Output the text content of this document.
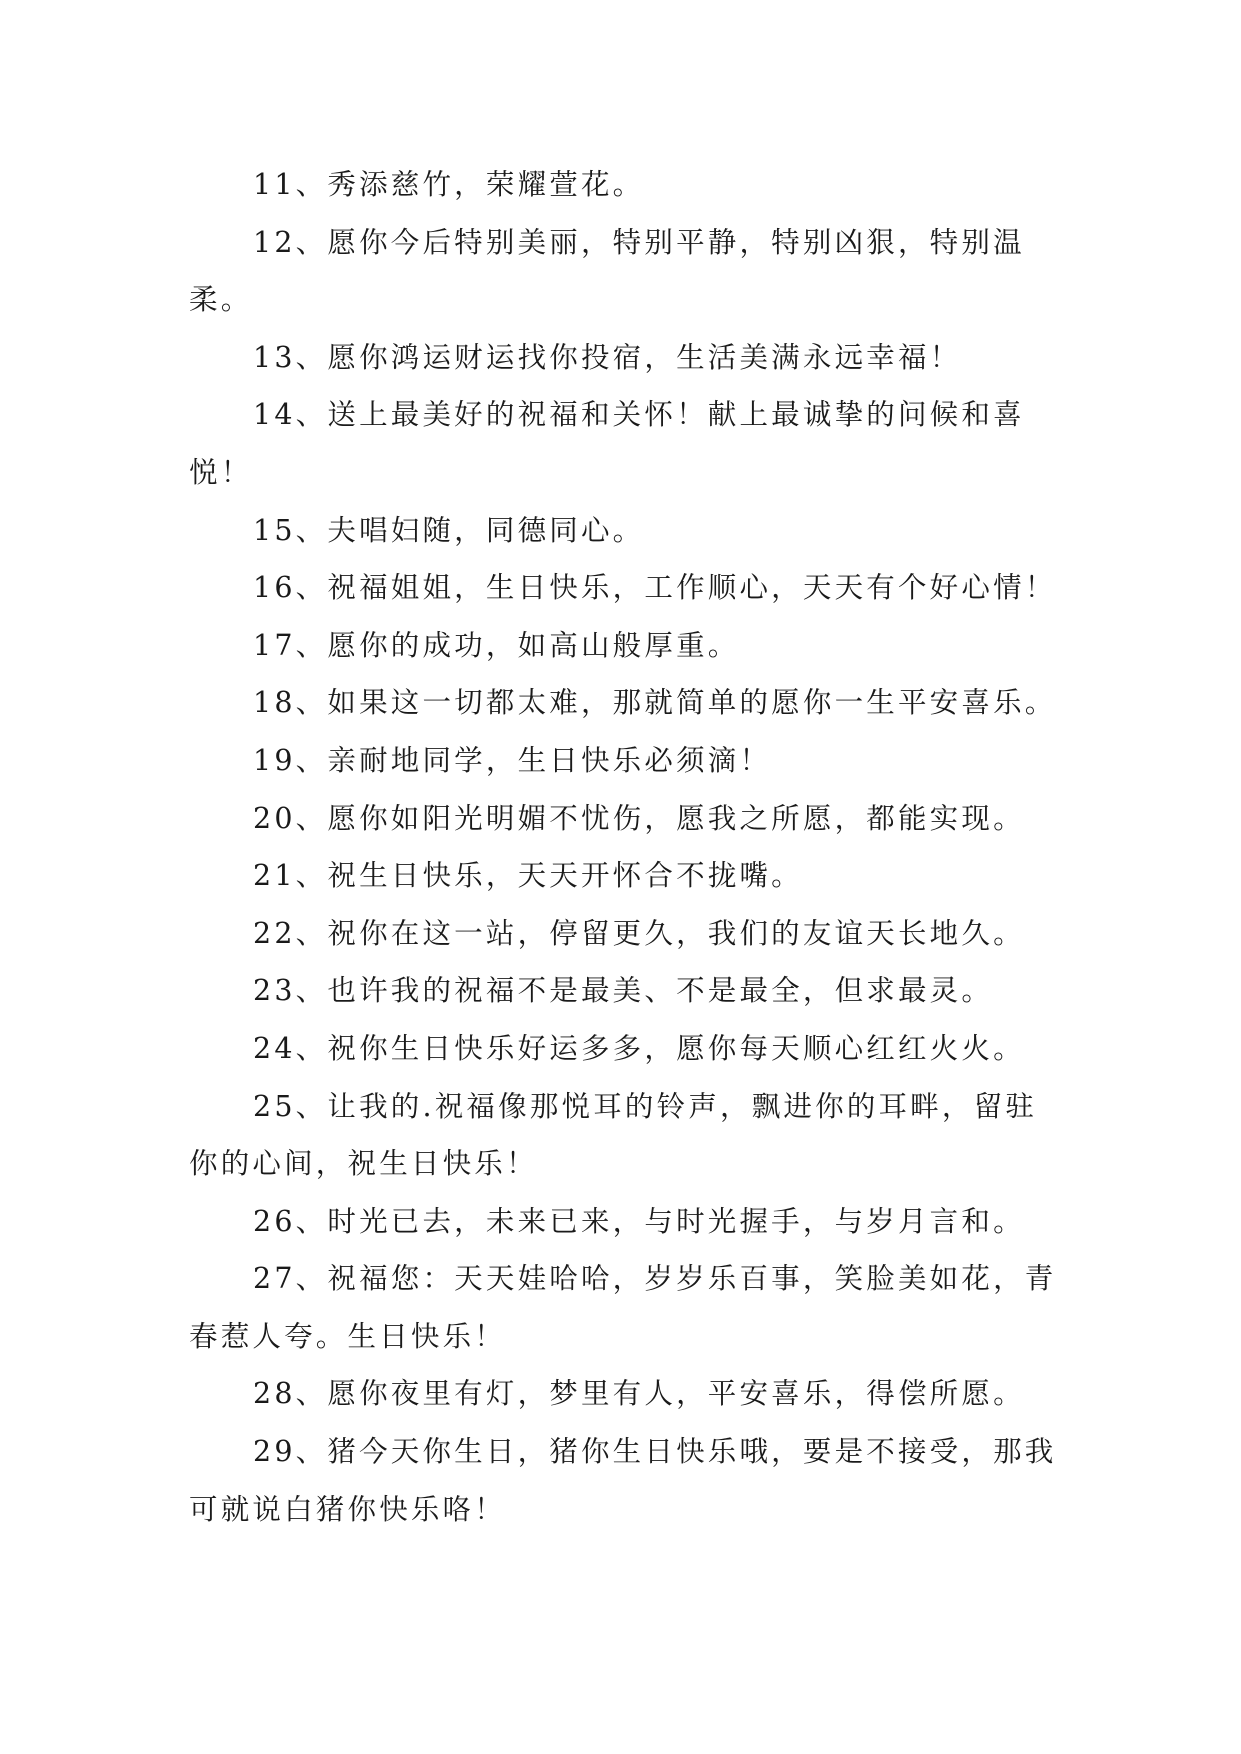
11、秀添慈竹，荣耀萱花。

12、愿你今后特别美丽，特别平静，特别凶狠，特别温柔。

13、愿你鸿运财运找你投宿，生活美满永远幸福！

14、送上最美好的祝福和关怀！献上最诚挚的问候和喜悦！

15、夫唱妇随，同德同心。

16、祝福姐姐，生日快乐，工作顺心，天天有个好心情！

17、愿你的成功，如高山般厚重。

18、如果这一切都太难，那就简单的愿你一生平安喜乐。

19、亲耐地同学，生日快乐必须滴！

20、愿你如阳光明媚不忧伤，愿我之所愿，都能实现。

21、祝生日快乐，天天开怀合不拢嘴。

22、祝你在这一站，停留更久，我们的友谊天长地久。

23、也许我的祝福不是最美、不是最全，但求最灵。

24、祝你生日快乐好运多多，愿你每天顺心红红火火。

25、让我的.祝福像那悦耳的铃声，飘进你的耳畔，留驻你的心间，祝生日快乐！

26、时光已去，未来已来，与时光握手，与岁月言和。

27、祝福您：天天娃哈哈，岁岁乐百事，笑脸美如花，青春惹人夸。生日快乐！

28、愿你夜里有灯，梦里有人，平安喜乐，得偿所愿。

29、猪今天你生日，猪你生日快乐哦，要是不接受，那我可就说白猪你快乐咯！
